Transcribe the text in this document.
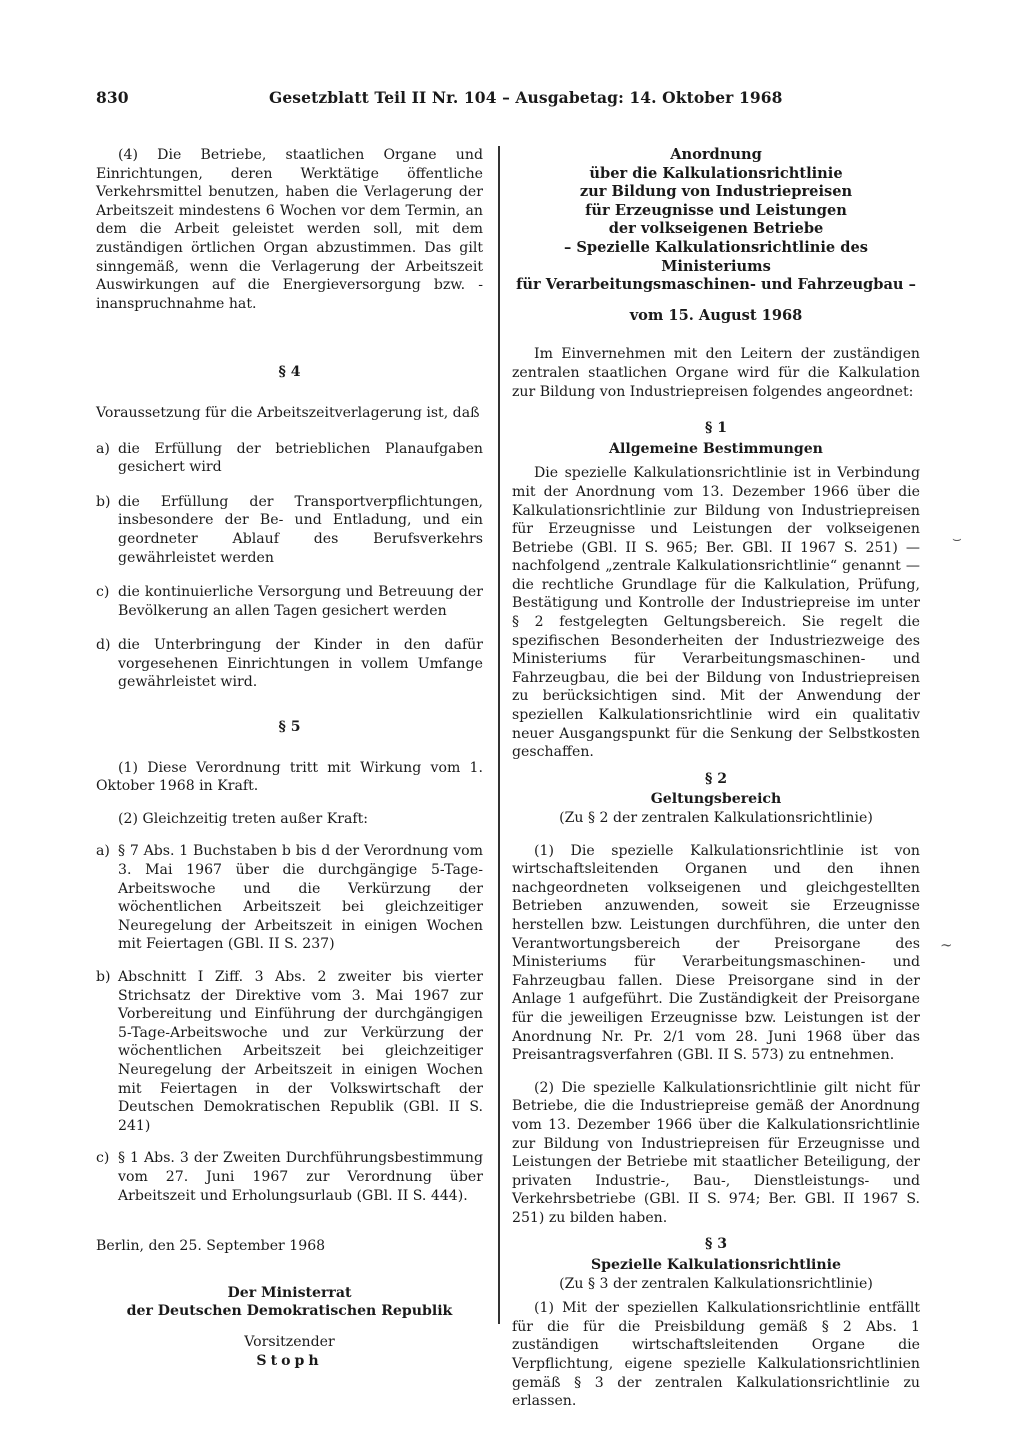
830	Gesetzblatt Teil II Nr. 104 – Ausgabetag: 14. Oktober 1968

(4) Die Betriebe, staatlichen Organe und Einrichtungen, deren Werktätige öffentliche Verkehrsmittel benutzen, haben die Verlagerung der Arbeitszeit mindestens 6 Wochen vor dem Termin, an dem die Arbeit geleistet werden soll, mit dem zuständigen örtlichen Organ abzustimmen. Das gilt sinngemäß, wenn die Verlagerung der Arbeitszeit Auswirkungen auf die Energieversorgung bzw. -inanspruchnahme hat.

§ 4

Voraussetzung für die Arbeitszeitverlagerung ist, daß

a) die Erfüllung der betrieblichen Planaufgaben gesichert wird
b) die Erfüllung der Transportverpflichtungen, insbesondere der Be- und Entladung, und ein geordneter Ablauf des Berufsverkehrs gewährleistet werden
c) die kontinuierliche Versorgung und Betreuung der Bevölkerung an allen Tagen gesichert werden
d) die Unterbringung der Kinder in den dafür vorgesehenen Einrichtungen in vollem Umfange gewährleistet wird.

§ 5

(1) Diese Verordnung tritt mit Wirkung vom 1. Oktober 1968 in Kraft.

(2) Gleichzeitig treten außer Kraft:

a) § 7 Abs. 1 Buchstaben b bis d der Verordnung vom 3. Mai 1967 über die durchgängige 5-Tage-Arbeitswoche und die Verkürzung der wöchentlichen Arbeitszeit bei gleichzeitiger Neuregelung der Arbeitszeit in einigen Wochen mit Feiertagen (GBl. II S. 237)
b) Abschnitt I Ziff. 3 Abs. 2 zweiter bis vierter Strichsatz der Direktive vom 3. Mai 1967 zur Vorbereitung und Einführung der durchgängigen 5-Tage-Arbeitswoche und zur Verkürzung der wöchentlichen Arbeitszeit bei gleichzeitiger Neuregelung der Arbeitszeit in einigen Wochen mit Feiertagen in der Volkswirtschaft der Deutschen Demokratischen Republik (GBl. II S. 241)
c) § 1 Abs. 3 der Zweiten Durchführungsbestimmung vom 27. Juni 1967 zur Verordnung über Arbeitszeit und Erholungsurlaub (GBl. II S. 444).

Berlin, den 25. September 1968

Der Ministerrat

der Deutschen Demokratischen Republik

Vorsitzender

Stoph

Anordnung

über die Kalkulationsrichtlinie

zur Bildung von Industriepreisen

für Erzeugnisse und Leistungen

der volkseigenen Betriebe

– Spezielle Kalkulationsrichtlinie des Ministeriums

für Verarbeitungsmaschinen- und Fahrzeugbau –

vom 15. August 1968

Im Einvernehmen mit den Leitern der zuständigen zentralen staatlichen Organe wird für die Kalkulation zur Bildung von Industriepreisen folgendes angeordnet:

§ 1

Allgemeine Bestimmungen

Die spezielle Kalkulationsrichtlinie ist in Verbindung mit der Anordnung vom 13. Dezember 1966 über die Kalkulationsrichtlinie zur Bildung von Industriepreisen für Erzeugnisse und Leistungen der volkseigenen Betriebe (GBl. II S. 965; Ber. GBl. II 1967 S. 251) — nachfolgend „zentrale Kalkulationsrichtlinie“ genannt — die rechtliche Grundlage für die Kalkulation, Prüfung, Bestätigung und Kontrolle der Industriepreise im unter § 2 festgelegten Geltungsbereich. Sie regelt die spezifischen Besonderheiten der Industriezweige des Ministeriums für Verarbeitungsmaschinen- und Fahrzeugbau, die bei der Bildung von Industriepreisen zu berücksichtigen sind. Mit der Anwendung der speziellen Kalkulationsrichtlinie wird ein qualitativ neuer Ausgangspunkt für die Senkung der Selbstkosten geschaffen.

§ 2

Geltungsbereich

(Zu § 2 der zentralen Kalkulationsrichtlinie)

(1) Die spezielle Kalkulationsrichtlinie ist von wirtschaftsleitenden Organen und den ihnen nachgeordneten volkseigenen und gleichgestellten Betrieben anzuwenden, soweit sie Erzeugnisse herstellen bzw. Leistungen durchführen, die unter den Verantwortungsbereich der Preisorgane des Ministeriums für Verarbeitungsmaschinen- und Fahrzeugbau fallen. Diese Preisorgane sind in der Anlage 1 aufgeführt. Die Zuständigkeit der Preisorgane für die jeweiligen Erzeugnisse bzw. Leistungen ist der Anordnung Nr. Pr. 2/1 vom 28. Juni 1968 über das Preisantragsverfahren (GBl. II S. 573) zu entnehmen.

(2) Die spezielle Kalkulationsrichtlinie gilt nicht für Betriebe, die die Industriepreise gemäß der Anordnung vom 13. Dezember 1966 über die Kalkulationsrichtlinie zur Bildung von Industriepreisen für Erzeugnisse und Leistungen der Betriebe mit staatlicher Beteiligung, der privaten Industrie-, Bau-, Dienstleistungs- und Verkehrsbetriebe (GBl. II S. 974; Ber. GBl. II 1967 S. 251) zu bilden haben.

§ 3

Spezielle Kalkulationsrichtlinie

(Zu § 3 der zentralen Kalkulationsrichtlinie)

(1) Mit der speziellen Kalkulationsrichtlinie entfällt für die für die Preisbildung gemäß § 2 Abs. 1 zuständigen wirtschaftsleitenden Organe die Verpflichtung, eigene spezielle Kalkulationsrichtlinien gemäß § 3 der zentralen Kalkulationsrichtlinie zu erlassen.

⌣
∼
